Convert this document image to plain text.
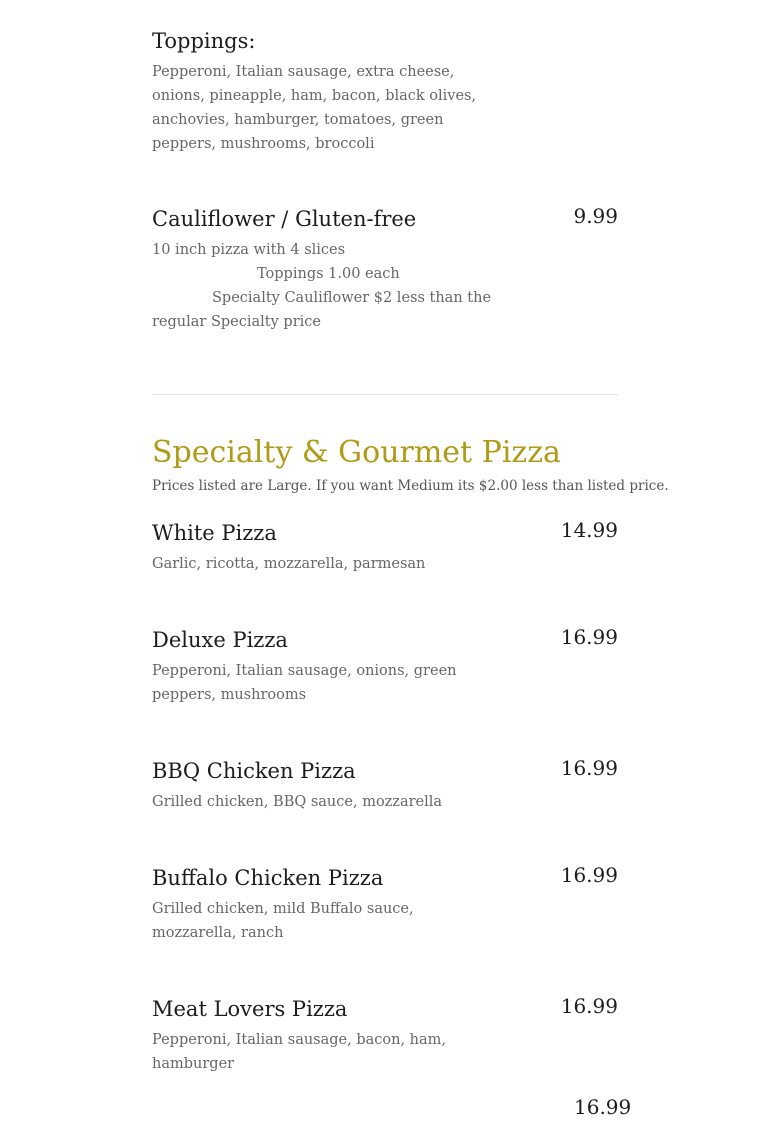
Toppings:
Pepperoni, Italian sausage, extra cheese, onions, pineapple, ham, bacon, black olives, anchovies, hamburger, tomatoes, green peppers, mushrooms, broccoli
9.99
Cauliflower / Gluten-free
10 inch pizza with 4 slices
Toppings 1.00 each
Specialty Cauliflower $2 less than the
regular Specialty price
Specialty & Gourmet Pizza
Prices listed are Large. If you want Medium its $2.00 less than listed price.
14.99
White Pizza
Garlic, ricotta, mozzarella, parmesan
16.99
Deluxe Pizza
Pepperoni, Italian sausage, onions, green peppers, mushrooms
16.99
BBQ Chicken Pizza
Grilled chicken, BBQ sauce, mozzarella
16.99
Buffalo Chicken Pizza
Grilled chicken, mild Buffalo sauce, mozzarella, ranch
16.99
Meat Lovers Pizza
Pepperoni, Italian sausage, bacon, ham, hamburger
16.99
